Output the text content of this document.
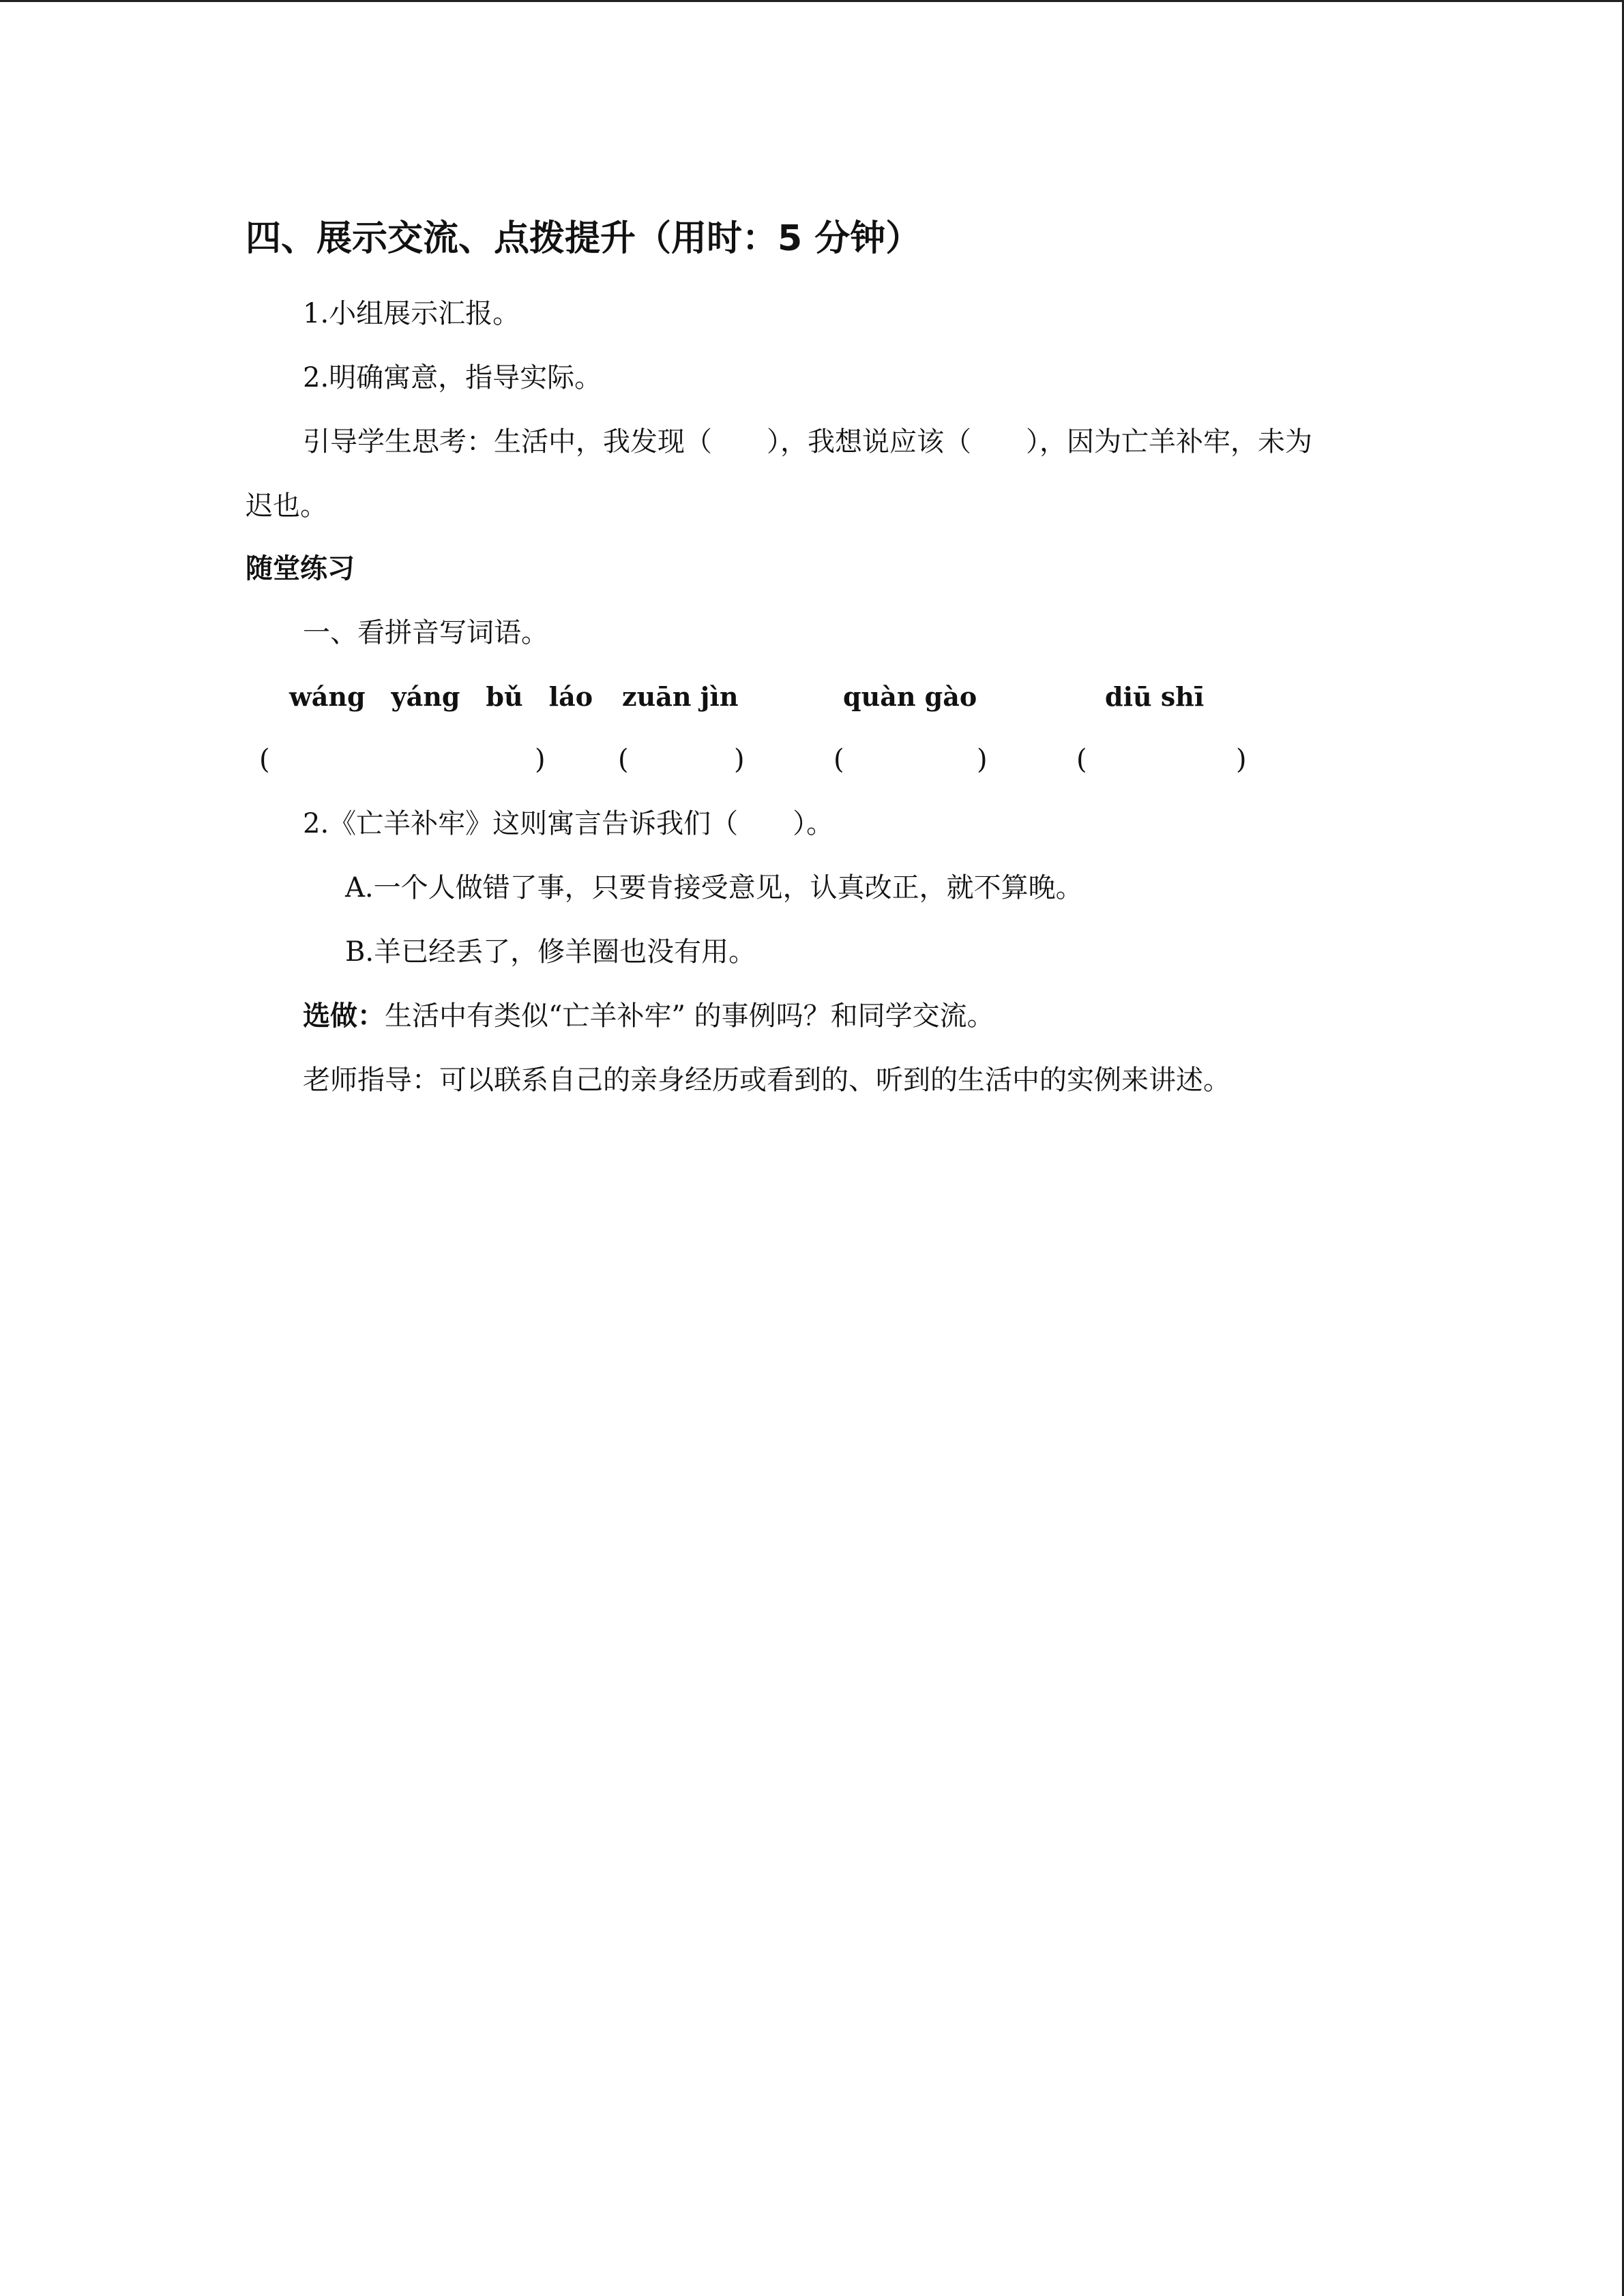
四、展示交流、点拨提升（用时：5 分钟）
1.小组展示汇报。
2.明确寓意，指导实际。
引导学生思考：生活中，我发现（　　），我想说应该（　　），因为亡羊补牢，未为
迟也。
随堂练习
一、看拼音写词语。
wáng　yáng　bǔ　láo zuān jìn	quàn gào	diū shī
(	)	(	)	(	)	(	)
2.《亡羊补牢》这则寓言告诉我们（　　）。
A.一个人做错了事，只要肯接受意见，认真改正，就不算晚。
B.羊已经丢了，修羊圈也没有用。
选做：生活中有类似“亡羊补牢” 的事例吗？和同学交流。
老师指导：可以联系自己的亲身经历或看到的、听到的生活中的实例来讲述。
